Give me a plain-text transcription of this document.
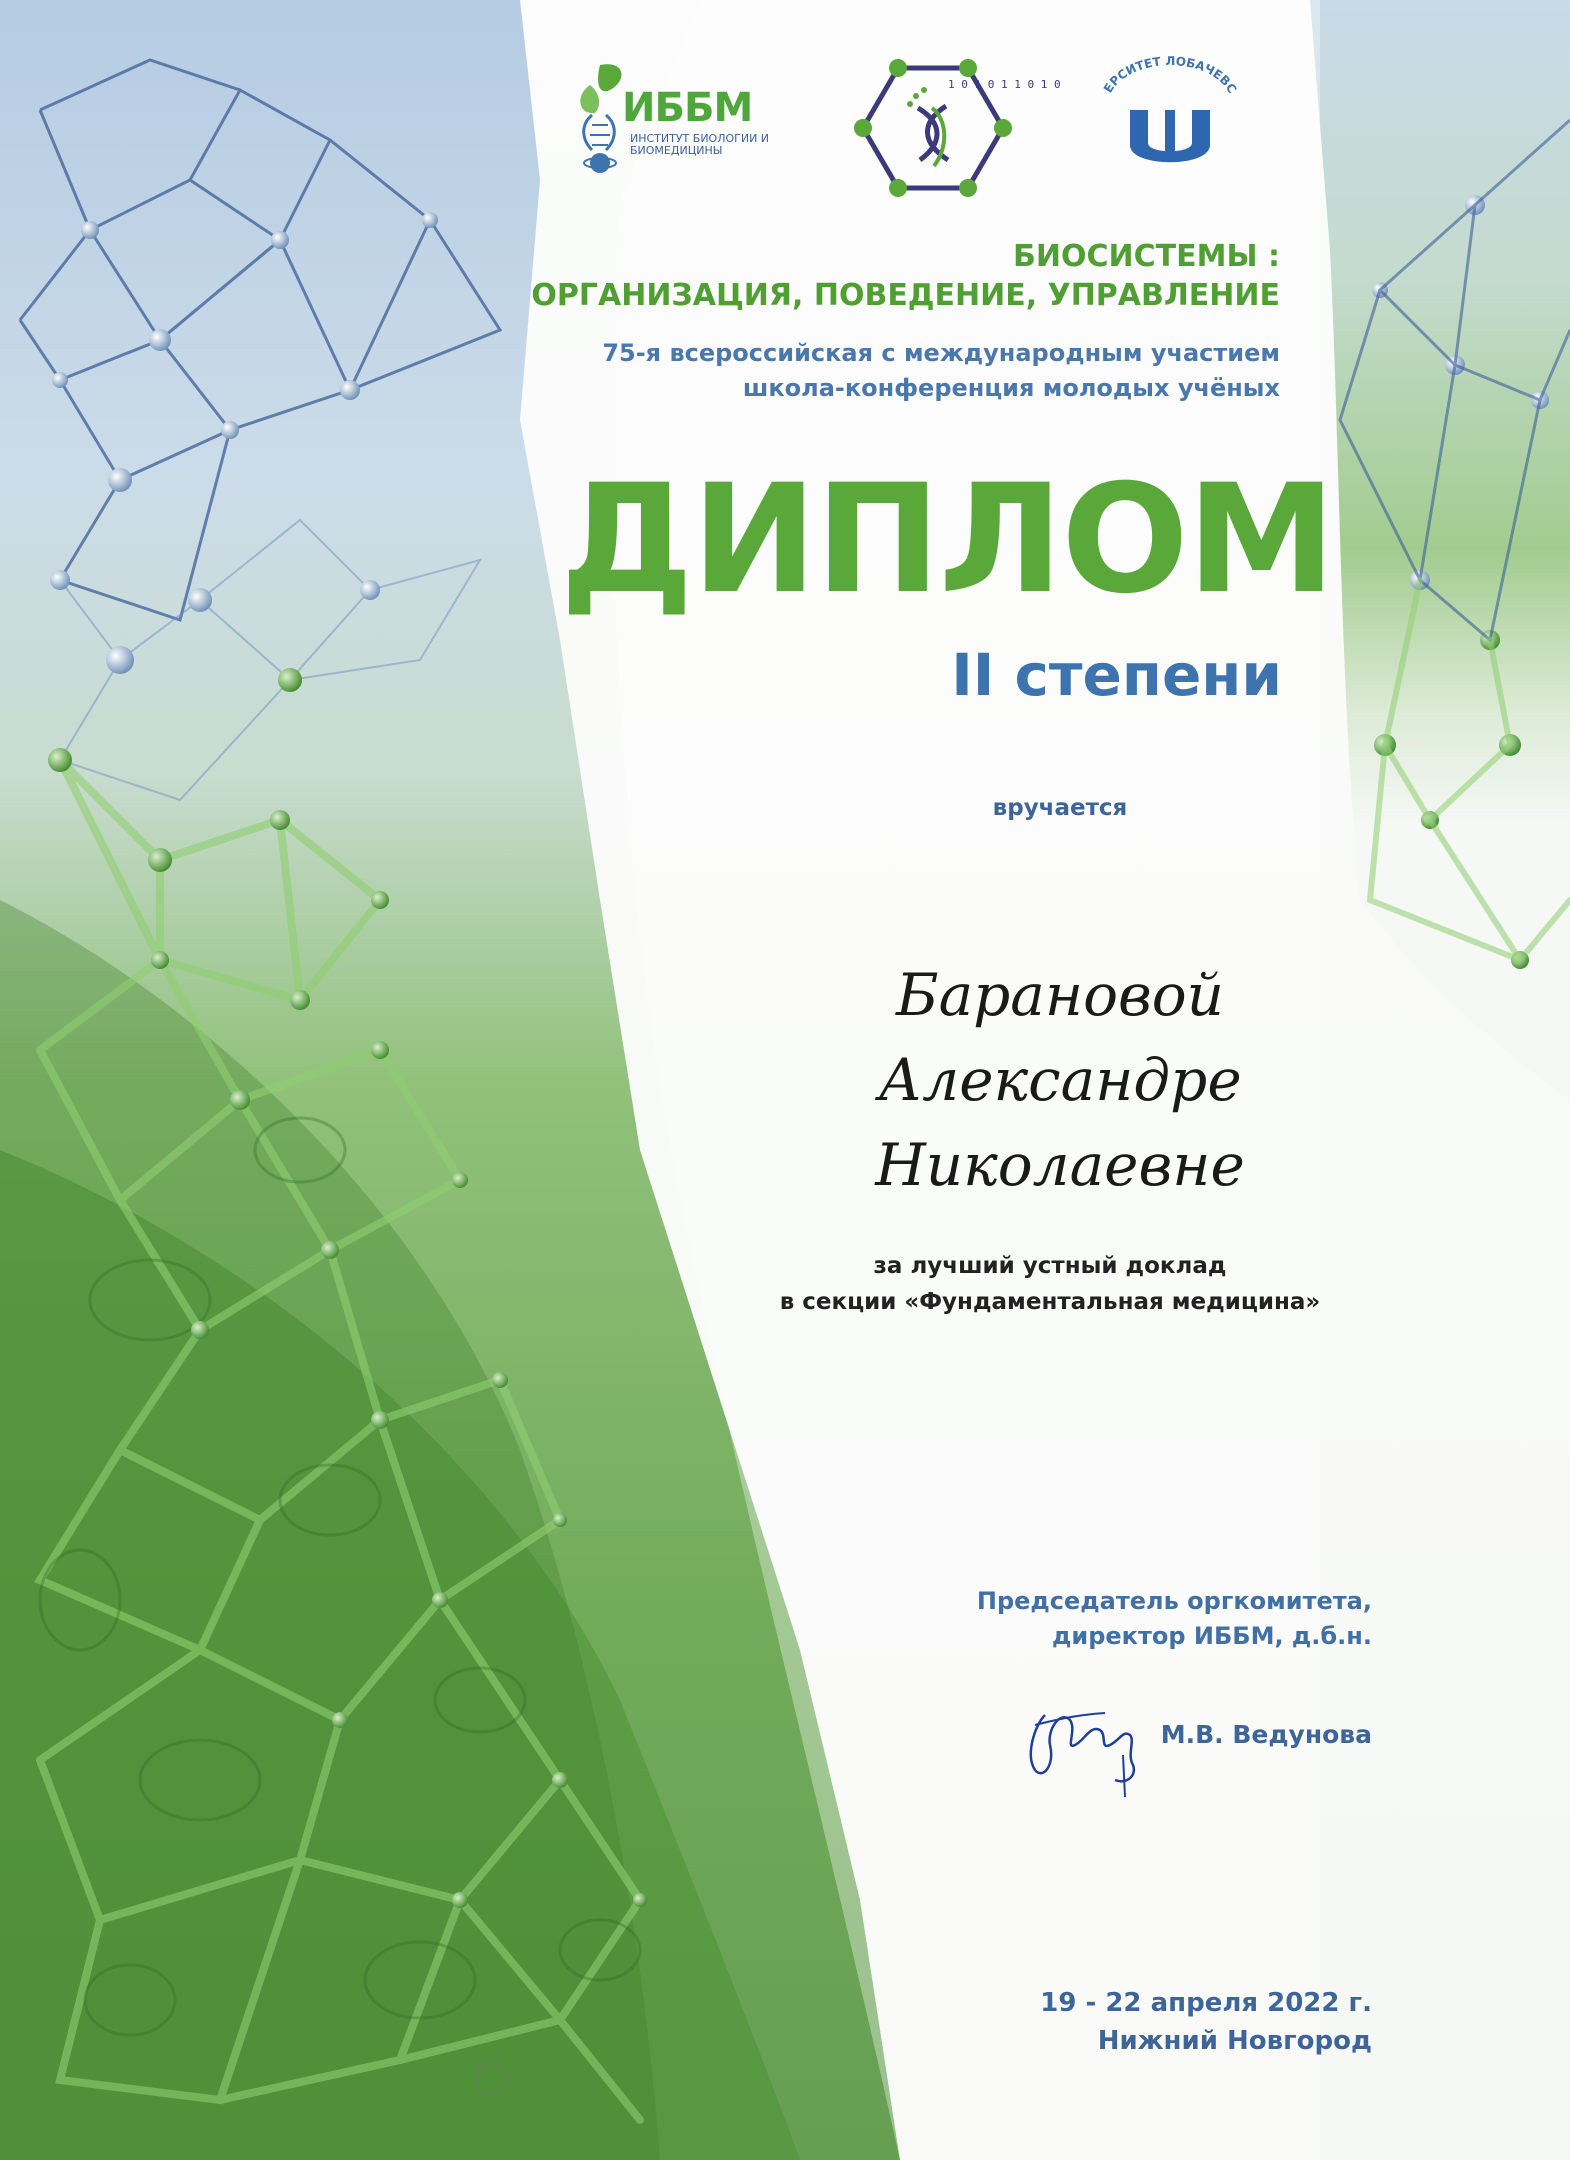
ИББМ
ИНСТИТУТ БИОЛОГИИ И БИОМЕДИЦИНЫ
1 0 1 0 1 1 0 1 0	ЕРСИТЕТ ЛОБАЧЕВС
БИОСИСТЕМЫ :
ОРГАНИЗАЦИЯ, ПОВЕДЕНИЕ, УПРАВЛЕНИЕ
75-я всероссийская с международным участием
школа-конференция молодых учёных
ДИПЛОМ
II степени
вручается
Барановой
Александре
Николаевне
за лучший устный доклад
в секции «Фундаментальная медицина»
Председатель оргкомитета,
директор ИББМ, д.б.н.
М.В. Ведунова
19 - 22 апреля 2022 г.
Нижний Новгород
